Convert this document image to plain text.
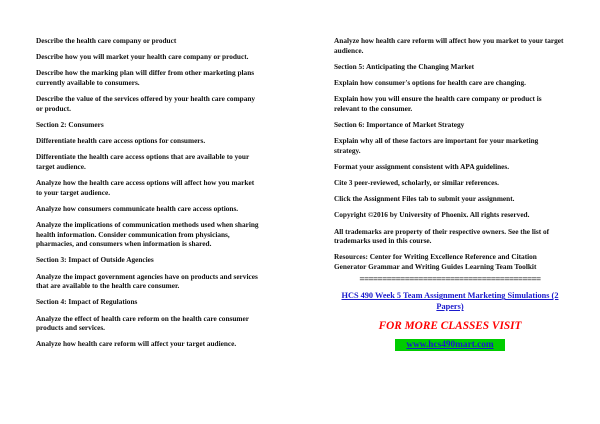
Describe the health care company or product

Describe how you will market your health care company or product.

Describe how the marking plan will differ from other marketing plans currently available to consumers.

Describe the value of the services offered by your health care company or product.

Section 2: Consumers

Differentiate health care access options for consumers.

Differentiate the health care access options that are available to your target audience.

Analyze how the health care access options will affect how you market to your target audience.

Analyze how consumers communicate health care access options.

Analyze the implications of communication methods used when sharing health information. Consider communication from physicians, pharmacies, and consumers when information is shared.

Section 3: Impact of Outside Agencies

Analyze the impact government agencies have on products and services that are available to the health care consumer.

Section 4: Impact of Regulations

Analyze the effect of health care reform on the health care consumer products and services.

Analyze how health care reform will affect your target audience.

Analyze how health care reform will affect how you market to your target audience.

Section 5: Anticipating the Changing Market

Explain how consumer's options for health care are changing.

Explain how you will ensure the health care company or product is relevant to the consumer.

Section 6: Importance of Market Strategy

Explain why all of these factors are important for your marketing strategy.

Format your assignment consistent with APA guidelines.

Cite 3 peer-reviewed, scholarly, or similar references.

Click the Assignment Files tab to submit your assignment.

Copyright ©2016 by University of Phoenix. All rights reserved.

All trademarks are property of their respective owners. See the list of trademarks used in this course.

Resources: Center for Writing Excellence Reference and Citation Generator Grammar and Writing Guides Learning Team Toolkit

========================================
HCS 490 Week 5 Team Assignment Marketing Simulations (2 Papers)
FOR MORE CLASSES VISIT
www.hcs490mart.com
